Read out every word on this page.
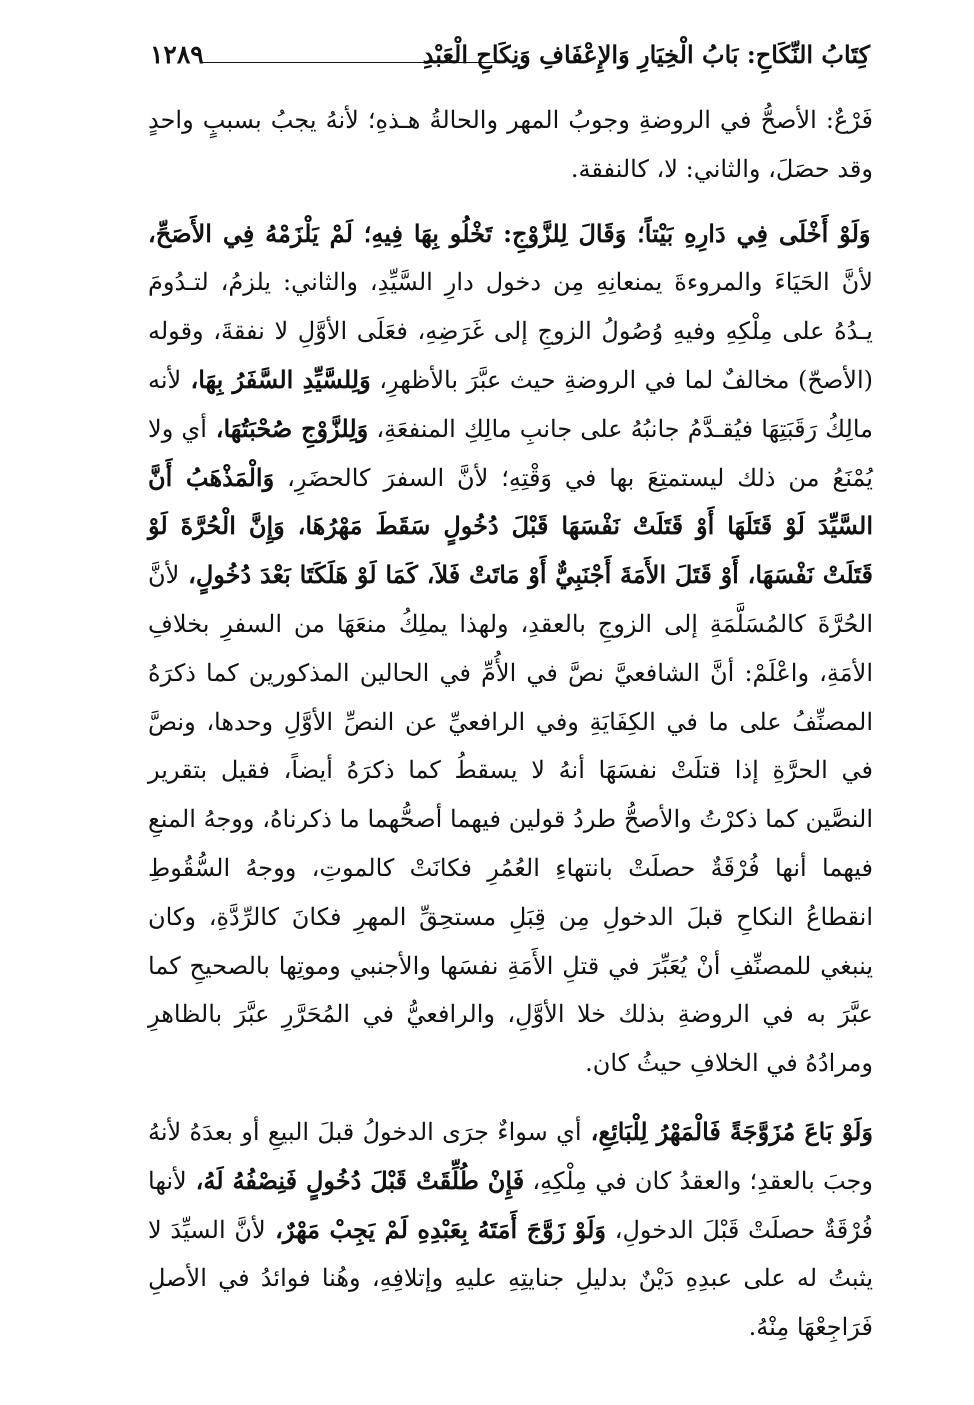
١٢٨٩	كِتَابُ النِّكَاحِ: بَابُ الْخِيَارِ وَالإِعْفَافِ وَنِكَاحِ الْعَبْدِ

فَرْعٌ: الأصحُّ في الروضةِ وجوبُ المهر والحالةُ هـذهِ؛ لأنهُ يجبُ بسببٍ واحدٍ وقد حصَلَ، والثاني: لا، كالنفقة.

وَلَوْ أَخْلَى فِي دَارِهِ بَيْتاً؛ وَقَالَ لِلزَّوْجِ: تَخْلُو بِهَا فِيهِ؛ لَمْ يَلْزَمْهُ فِي الأَصَحِّ، لأنَّ الحَيَاءَ والمروءةَ يمنعانِهِ مِن دخول دارِ السَّيِّدِ، والثاني: يلزمُ، لتـدُومَ يـدُهُ على مِلْكِهِ وفيهِ وُصُولُ الزوجِ إلى غَرَضِهِ، فعَلَى الأوَّلِ لا نفقةَ، وقوله (الأصحّ) مخالفٌ لما في الروضةِ حيث عبَّرَ بالأظهرِ، وَلِلسَّيِّدِ السَّفَرُ بِهَا، لأنه مالِكُ رَقَبَتِهَا فيُقـدَّمُ جانبُهُ على جانبِ مالِكِ المنفعَةِ، وَلِلزَّوْجِ صُحْبَتُهَا، أي ولا يُمْنَعُ من ذلك ليستمتِعَ بها في وَقْتِهِ؛ لأنَّ السفرَ كالحضَرِ، وَالْمَذْهَبُ أَنَّ السَّيِّدَ لَوْ قَتَلَهَا أَوْ قَتَلَتْ نَفْسَهَا قَبْلَ دُخُولٍ سَقَطَ مَهْرُهَا، وَإِنَّ الْحُرَّةَ لَوْ قَتَلَتْ نَفْسَهَا، أَوْ قَتَلَ الأَمَةَ أَجْنَبِيٌّ أَوْ مَاتَتْ فَلاَ، كَمَا لَوْ هَلَكَتَا بَعْدَ دُخُولٍ، لأنَّ الحُرَّةَ كالمُسَلَّمَةِ إلى الزوجِ بالعقدِ، ولهذا يملِكُ منعَهَا من السفرِ بخلافِ الأمَةِ، واعْلَمْ: أنَّ الشافعيَّ نصَّ في الأُمِّ في الحالين المذكورين كما ذكرَهُ المصنِّفُ على ما في الكِفَايَةِ وفي الرافعيِّ عن النصِّ الأوَّلِ وحدها، ونصَّ في الحرَّةِ إذا قتلَتْ نفسَهَا أنهُ لا يسقطُ كما ذكرَهُ أيضاً، فقيل بتقرير النصَّين كما ذكرْتُ والأصحُّ طردُ قولين فيهما أصحُّهما ما ذكرناهُ، ووجهُ المنعِ فيهما أنها فُرْقَةٌ حصلَتْ بانتهاءِ العُمُرِ فكانَتْ كالموتِ، ووجهُ السُّقُوطِ انقطاعُ النكاحِ قبلَ الدخولِ مِن قِبَلِ مستحِقِّ المهرِ فكانَ كالرِّدَّةِ، وكان ينبغي للمصنِّفِ أنْ يُعَبِّرَ في قتلِ الأَمَةِ نفسَها والأجنبي وموتِها بالصحيحِ كما عبَّرَ به في الروضةِ بذلك خلا الأوَّلِ، والرافعيُّ في المُحَرَّرِ عبَّرَ بالظاهرِ ومرادُهُ في الخلافِ حيثُ كان.

وَلَوْ بَاعَ مُزَوَّجَةً فَالْمَهْرُ لِلْبَائِعِ، أي سواءٌ جرَى الدخولُ قبلَ البيعِ أو بعدَهُ لأنهُ وجبَ بالعقدِ؛ والعقدُ كان في مِلْكِهِ، فَإِنْ طُلِّقَتْ قَبْلَ دُخُولٍ فَنِصْفُهُ لَهُ، لأنها فُرْقَةٌ حصلَتْ قَبْلَ الدخولِ، وَلَوْ زَوَّجَ أَمَتَهُ بِعَبْدِهِ لَمْ يَجِبْ مَهْرٌ، لأنَّ السيِّدَ لا يثبتُ له على عبدِهِ دَيْنٌ بدليلِ جنايتِهِ عليهِ وإتلافِهِ، وهُنا فوائدُ في الأصلِ فَرَاجِعْهَا مِنْهُ.
